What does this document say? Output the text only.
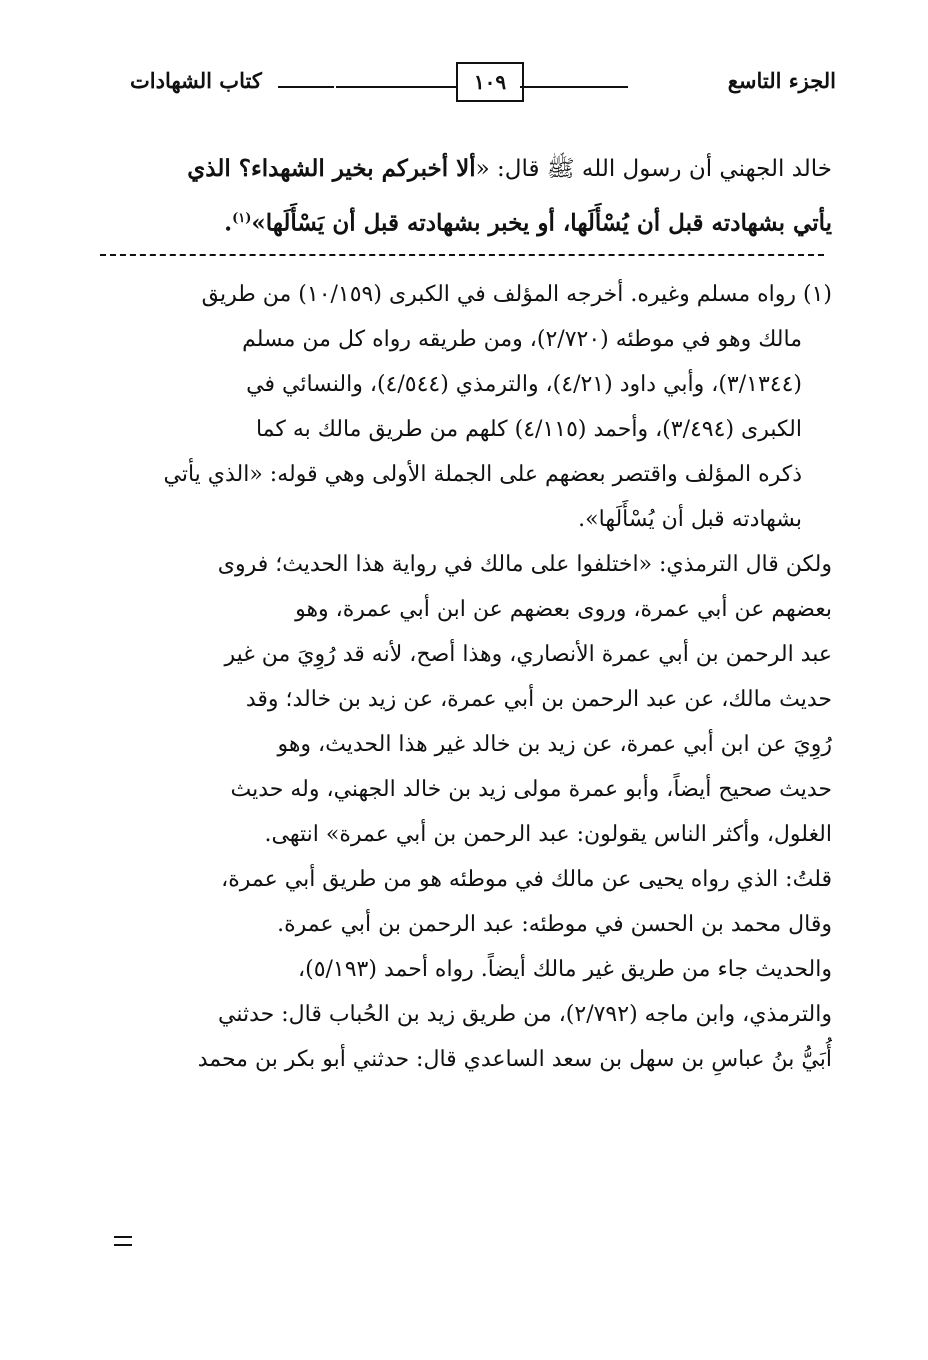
الجزء التاسع
١٠٩
كتاب الشهادات
خالد الجهني أن رسول الله ﷺ قال: «ألا أخبركم بخير الشهداء؟ الذي
يأتي بشهادته قبل أن يُسْأَلَها، أو يخبر بشهادته قبل أن يَسْأَلَها»$^{(١)}$.
(١) رواه مسلم وغيره. أخرجه المؤلف في الكبرى (١٠/١٥٩) من طريق
مالك وهو في موطئه (٢/٧٢٠)، ومن طريقه رواه كل من مسلم
(٣/١٣٤٤)، وأبي داود (٤/٢١)، والترمذي (٤/٥٤٤)، والنسائي في
الكبرى (٣/٤٩٤)، وأحمد (٤/١١٥) كلهم من طريق مالك به كما
ذكره المؤلف واقتصر بعضهم على الجملة الأولى وهي قوله: «الذي يأتي
بشهادته قبل أن يُسْأَلَها».
ولكن قال الترمذي: «اختلفوا على مالك في رواية هذا الحديث؛ فروى
بعضهم عن أبي عمرة، وروى بعضهم عن ابن أبي عمرة، وهو
عبد الرحمن بن أبي عمرة الأنصاري، وهذا أصح، لأنه قد رُوِيَ من غير
حديث مالك، عن عبد الرحمن بن أبي عمرة، عن زيد بن خالد؛ وقد
رُوِيَ عن ابن أبي عمرة، عن زيد بن خالد غير هذا الحديث، وهو
حديث صحيح أيضاً، وأبو عمرة مولى زيد بن خالد الجهني، وله حديث
الغلول، وأكثر الناس يقولون: عبد الرحمن بن أبي عمرة» انتهى.
قلتُ: الذي رواه يحيى عن مالك في موطئه هو من طريق أبي عمرة،
وقال محمد بن الحسن في موطئه: عبد الرحمن بن أبي عمرة.
والحديث جاء من طريق غير مالك أيضاً. رواه أحمد (٥/١٩٣)،
والترمذي، وابن ماجه (٢/٧٩٢)، من طريق زيد بن الحُباب قال: حدثني
أُبَيُّ بنُ عباسِ بن سهل بن سعد الساعدي قال: حدثني أبو بكر بن محمد
